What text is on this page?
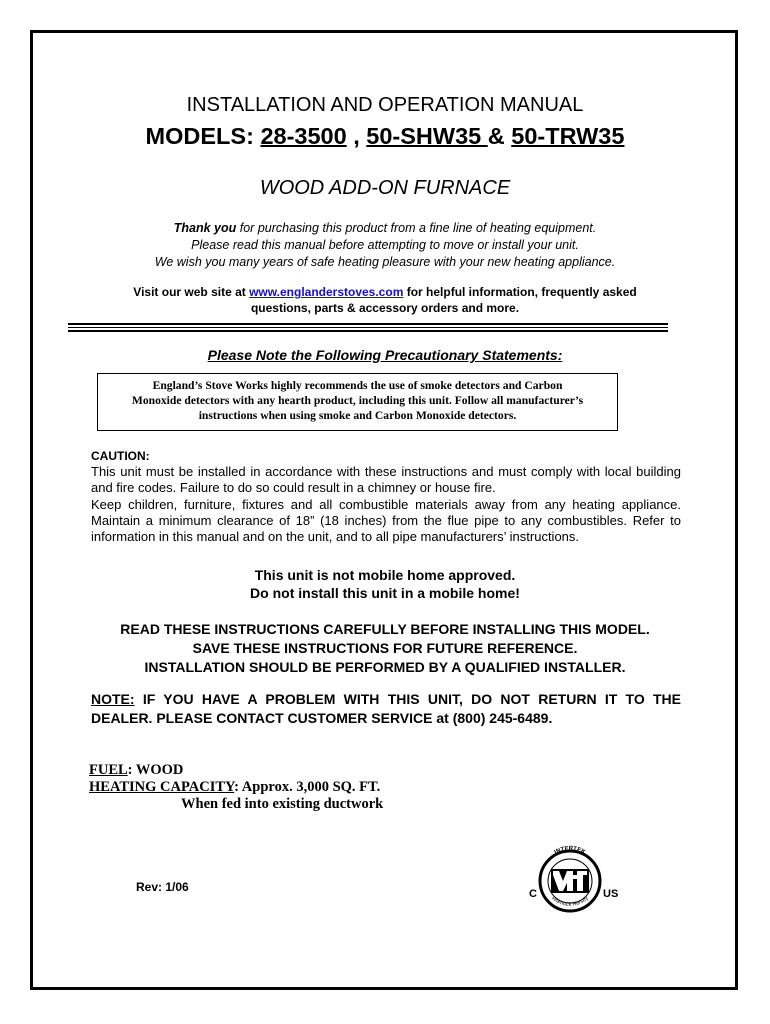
INSTALLATION AND OPERATION MANUAL
MODELS: 28-3500 , 50-SHW35 & 50-TRW35
WOOD ADD-ON FURNACE
Thank you for purchasing this product from a fine line of heating equipment.
Please read this manual before attempting to move or install your unit.
We wish you many years of safe heating pleasure with your new heating appliance.
Visit our web site at www.englanderstoves.com for helpful information, frequently asked
questions, parts & accessory orders and more.
Please Note the Following Precautionary Statements:
England’s Stove Works highly recommends the use of smoke detectors and Carbon
Monoxide detectors with any hearth product, including this unit. Follow all manufacturer’s
instructions when using smoke and Carbon Monoxide detectors.
CAUTION:
This unit must be installed in accordance with these instructions and must comply with local building and fire codes. Failure to do so could result in a chimney or house fire.
Keep children, furniture, fixtures and all combustible materials away from any heating appliance. Maintain a minimum clearance of 18” (18 inches) from the flue pipe to any combustibles. Refer to information in this manual and on the unit, and to all pipe manufacturers’ instructions.
This unit is not mobile home approved.
Do not install this unit in a mobile home!
READ THESE INSTRUCTIONS CAREFULLY BEFORE INSTALLING THIS MODEL.
SAVE THESE INSTRUCTIONS FOR FUTURE REFERENCE.
INSTALLATION SHOULD BE PERFORMED BY A QUALIFIED INSTALLER.
NOTE: IF YOU HAVE A PROBLEM WITH THIS UNIT, DO NOT RETURN IT TO THE DEALER. PLEASE CONTACT CUSTOMER SERVICE at (800) 245-6489.
FUEL: WOOD
HEATING CAPACITY: Approx. 3,000 SQ. FT.
When fed into existing ductwork
Rev: 1/06
INTERTEK
Warnock Hersey
C	US
